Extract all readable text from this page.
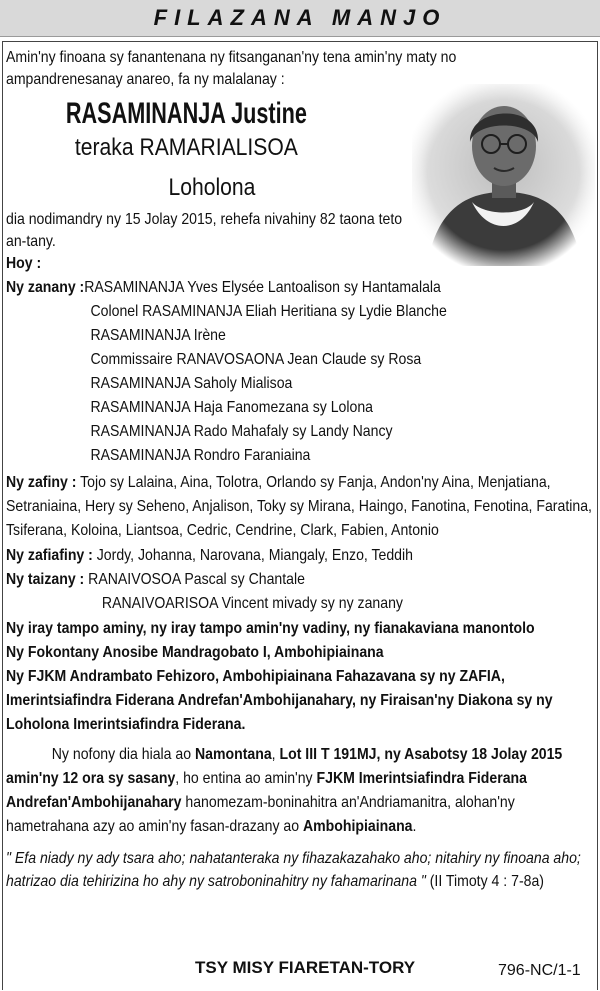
FILAZANA MANJO

Amin'ny finoana sy fanantenana ny fitsanganan'ny tena amin'ny maty no ampandrenesanay anareo, fa ny malalanay :

RASAMINANJA Justine
teraka RAMARIALISOA
Loholona

dia nodimandry ny 15 Jolay 2015, rehefa nivahiny 82 taona teto an-tany.

Hoy :

Ny zanany :RASAMINANJA Yves Elysée Lantoalison sy Hantamalala

Colonel RASAMINANJA Eliah Heritiana sy Lydie Blanche

RASAMINANJA Irène

Commissaire RANAVOSAONA Jean Claude sy Rosa

RASAMINANJA Saholy Mialisoa

RASAMINANJA Haja Fanomezana sy Lolona

RASAMINANJA Rado Mahafaly sy Landy Nancy

RASAMINANJA Rondro Faraniaina

Ny zafiny : Tojo sy Lalaina, Aina, Tolotra, Orlando sy Fanja, Andon'ny Aina, Menjatiana, Setraniaina, Hery sy Seheno, Anjalison, Toky sy Mirana, Haingo, Fanotina, Fenotina, Faratina, Tsiferana, Koloina, Liantsoa, Cedric, Cendrine, Clark, Fabien, Antonio

Ny zafiafiny : Jordy, Johanna, Narovana, Miangaly, Enzo, Teddih

Ny taizany : RANAIVOSOA Pascal sy Chantale

RANAIVOARISOA Vincent mivady sy ny zanany

Ny iray tampo aminy, ny iray tampo amin'ny vadiny, ny fianakaviana manontolo

Ny Fokontany Anosibe Mandragobato I, Ambohipiainana

Ny FJKM Andrambato Fehizoro, Ambohipiainana Fahazavana sy ny ZAFIA, Imerintsiafindra Fiderana Andrefan'Ambohijanahary, ny Firaisan'ny Diakona sy ny Loholona Imerintsiafindra Fiderana.

Ny nofony dia hiala ao Namontana, Lot III T 191MJ, ny Asabotsy 18 Jolay 2015 amin'ny 12 ora sy sasany, ho entina ao amin'ny FJKM Imerintsiafindra Fiderana Andrefan'Ambohijanahary hanomezam-boninahitra an'Andriamanitra, alohan'ny hametrahana azy ao amin'ny fasan-drazany ao Ambohipiainana.

" Efa niady ny ady tsara aho; nahatanteraka ny fihazakazahako aho; nitahiry ny finoana aho; hatrizao dia tehirizina ho ahy ny satroboninahitry ny fahamarinana " (II Timoty 4 : 7-8a)

TSY MISY FIARETAN-TORY	796-NC/1-1
